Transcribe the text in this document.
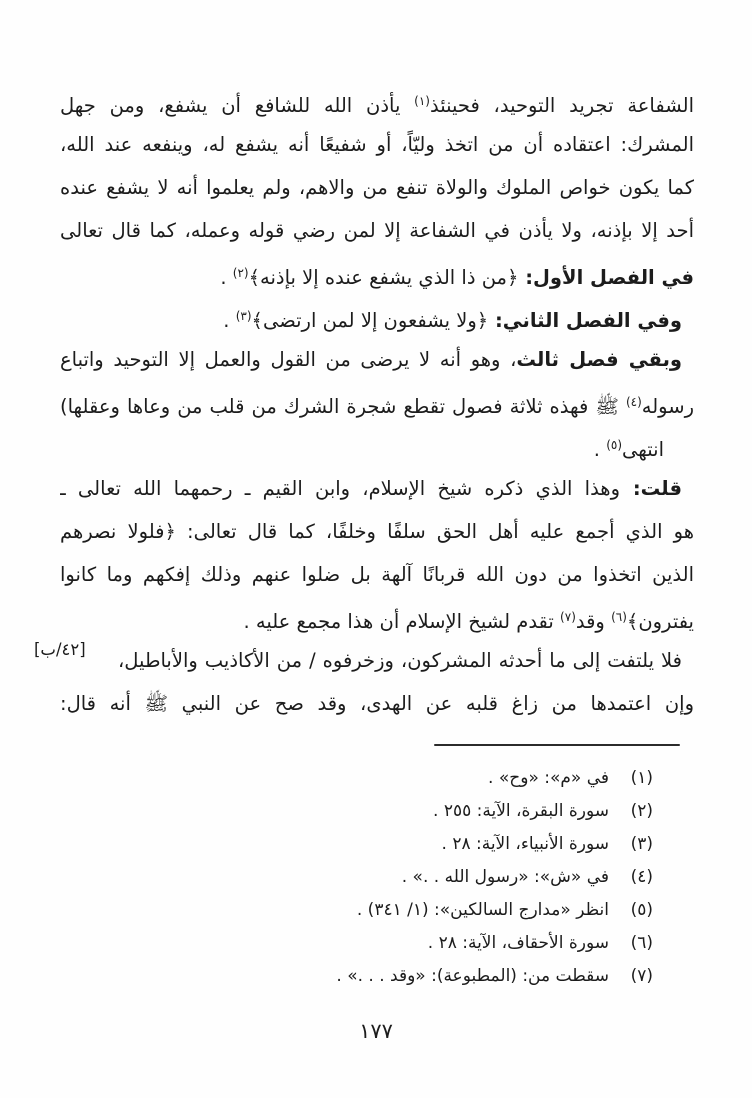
الشفاعة تجريد التوحيد، فحينئذ$^{(١)}$ يأذن الله للشافع أن يشفع، ومن جهل
المشرك: اعتقاده أن من اتخذ وليّاً، أو شفيعًا أنه يشفع له، وينفعه عند الله،
كما يكون خواص الملوك والولاة تنفع من والاهم، ولم يعلموا أنه لا يشفع عنده
أحد إلا بإذنه، ولا يأذن في الشفاعة إلا لمن رضي قوله وعمله، كما قال تعالى
في الفصل الأول: ﴿من ذا الذي يشفع عنده إلا بإذنه﴾$^{(٢)}$ .
وفي الفصل الثاني: ﴿ولا يشفعون إلا لمن ارتضى﴾$^{(٣)}$ .
وبقي فصل ثالث، وهو أنه لا يرضى من القول والعمل إلا التوحيد واتباع
رسوله$^{(٤)}$ ﷺ فهذه ثلاثة فصول تقطع شجرة الشرك من قلب من وعاها وعقلها)
انتهى$^{(٥)}$ .
قلت: وهذا الذي ذكره شيخ الإسلام، وابن القيم ـ رحمهما الله تعالى ـ
هو الذي أجمع عليه أهل الحق سلفًا وخلفًا، كما قال تعالى: ﴿فلولا نصرهم
الذين اتخذوا من دون الله قربانًا آلهة بل ضلوا عنهم وذلك إفكهم وما كانوا
يفترون﴾$^{(٦)}$ وقد$^{(٧)}$ تقدم لشيخ الإسلام أن هذا مجمع عليه .
فلا يلتفت إلى ما أحدثه المشركون، وزخرفوه / من الأكاذيب والأباطيل،
وإن اعتمدها من زاغ قلبه عن الهدى، وقد صح عن النبي ﷺ أنه قال:
[٤٢/ب]
(١)
في «م»: «وح» .
(٢)
سورة البقرة، الآية: ٢٥٥ .
(٣)
سورة الأنبياء، الآية: ٢٨ .
(٤)
في «ش»: «رسول الله . .» .
(٥)
انظر «مدارج السالكين»: (١/ ٣٤١) .
(٦)
سورة الأحقاف، الآية: ٢٨ .
(٧)
سقطت من: (المطبوعة): «وقد . . .» .
١٧٧
